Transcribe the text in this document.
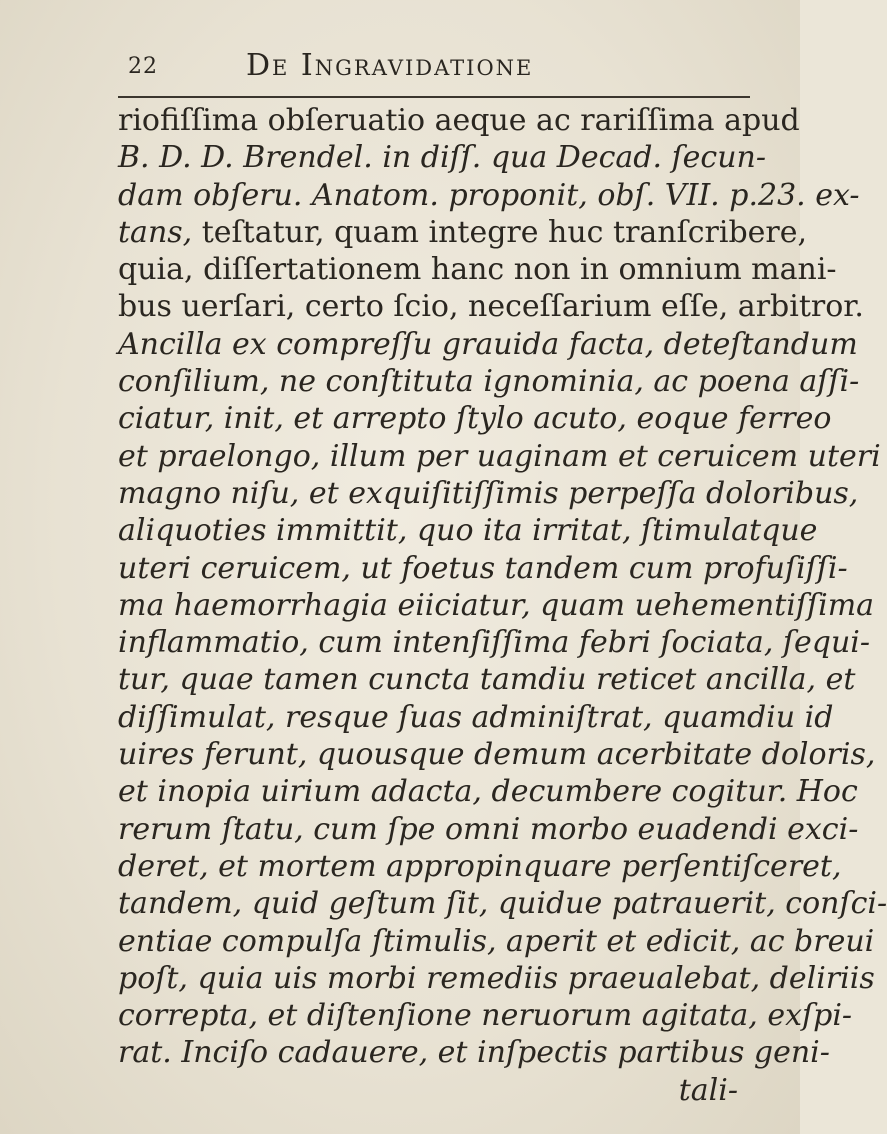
22	De Ingravidatione
riofiſſima obſeruatio aeque ac rariſſima apud
B. D. D. Brendel. in diſſ. qua Decad. ſecun-
dam obſeru. Anatom. proponit, obſ. VII. p.23. ex-
tans, teſtatur, quam integre huc tranſcribere,
quia, diſſertationem hanc non in omnium mani-
bus uerſari, certo ſcio, neceſſarium eſſe, arbitror.
Ancilla ex compreſſu grauida facta, deteſtandum
conſilium, ne conſtituta ignominia, ac poena aſſi-
ciatur, init, et arrepto ſtylo acuto, eoque ferreo
et praelongo, illum per uaginam et ceruicem uteri
magno niſu, et exquiſitiſſimis perpeſſa doloribus,
aliquoties immittit, quo ita irritat, ſtimulatque
uteri ceruicem, ut foetus tandem cum profuſiſſi-
ma haemorrhagia eiiciatur, quam uehementiſſima
inflammatio, cum intenſiſſima febri ſociata, ſequi-
tur, quae tamen cuncta tamdiu reticet ancilla, et
diſſimulat, resque ſuas adminiſtrat, quamdiu id
uires ferunt, quousque demum acerbitate doloris,
et inopia uirium adacta, decumbere cogitur. Hoc
rerum ſtatu, cum ſpe omni morbo euadendi exci-
deret, et mortem appropinquare perſentiſceret,
tandem, quid geſtum ſit, quidue patrauerit, conſci-
entiae compulſa ſtimulis, aperit et edicit, ac breui
poſt, quia uis morbi remediis praeualebat, deliriis
correpta, et diſtenſione neruorum agitata, exſpi-
rat. Inciſo cadauere, et inſpectis partibus geni-
tali-
